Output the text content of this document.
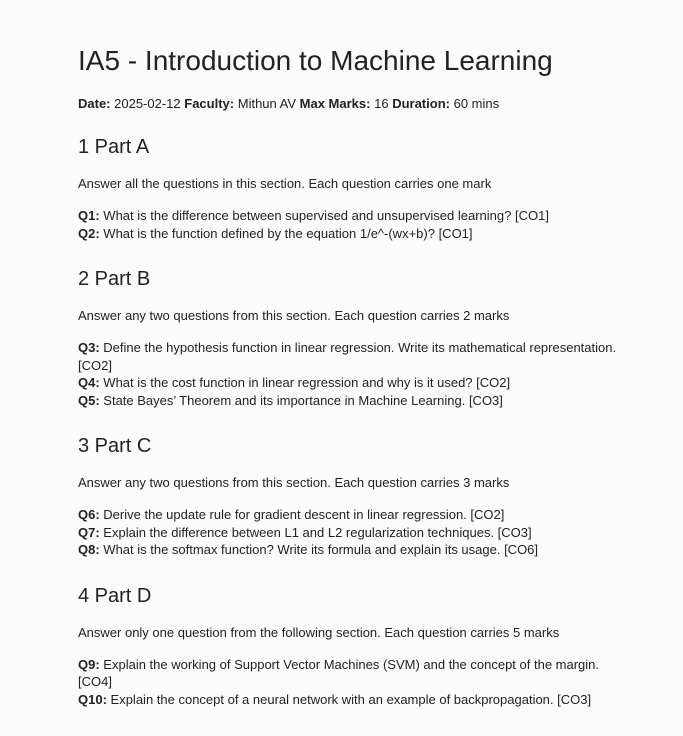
IA5 - Introduction to Machine Learning
Date: 2025-02-12 Faculty: Mithun AV Max Marks: 16 Duration: 60 mins
1 Part A
Answer all the questions in this section. Each question carries one mark
Q1: What is the difference between supervised and unsupervised learning? [CO1]
Q2: What is the function defined by the equation 1/e^-(wx+b)? [CO1]
2 Part B
Answer any two questions from this section. Each question carries 2 marks
Q3: Define the hypothesis function in linear regression. Write its mathematical representation. [CO2]
Q4: What is the cost function in linear regression and why is it used? [CO2]
Q5: State Bayes’ Theorem and its importance in Machine Learning. [CO3]
3 Part C
Answer any two questions from this section. Each question carries 3 marks
Q6: Derive the update rule for gradient descent in linear regression. [CO2]
Q7: Explain the difference between L1 and L2 regularization techniques. [CO3]
Q8: What is the softmax function? Write its formula and explain its usage. [CO6]
4 Part D
Answer only one question from the following section. Each question carries 5 marks
Q9: Explain the working of Support Vector Machines (SVM) and the concept of the margin. [CO4]
Q10: Explain the concept of a neural network with an example of backpropagation. [CO3]
